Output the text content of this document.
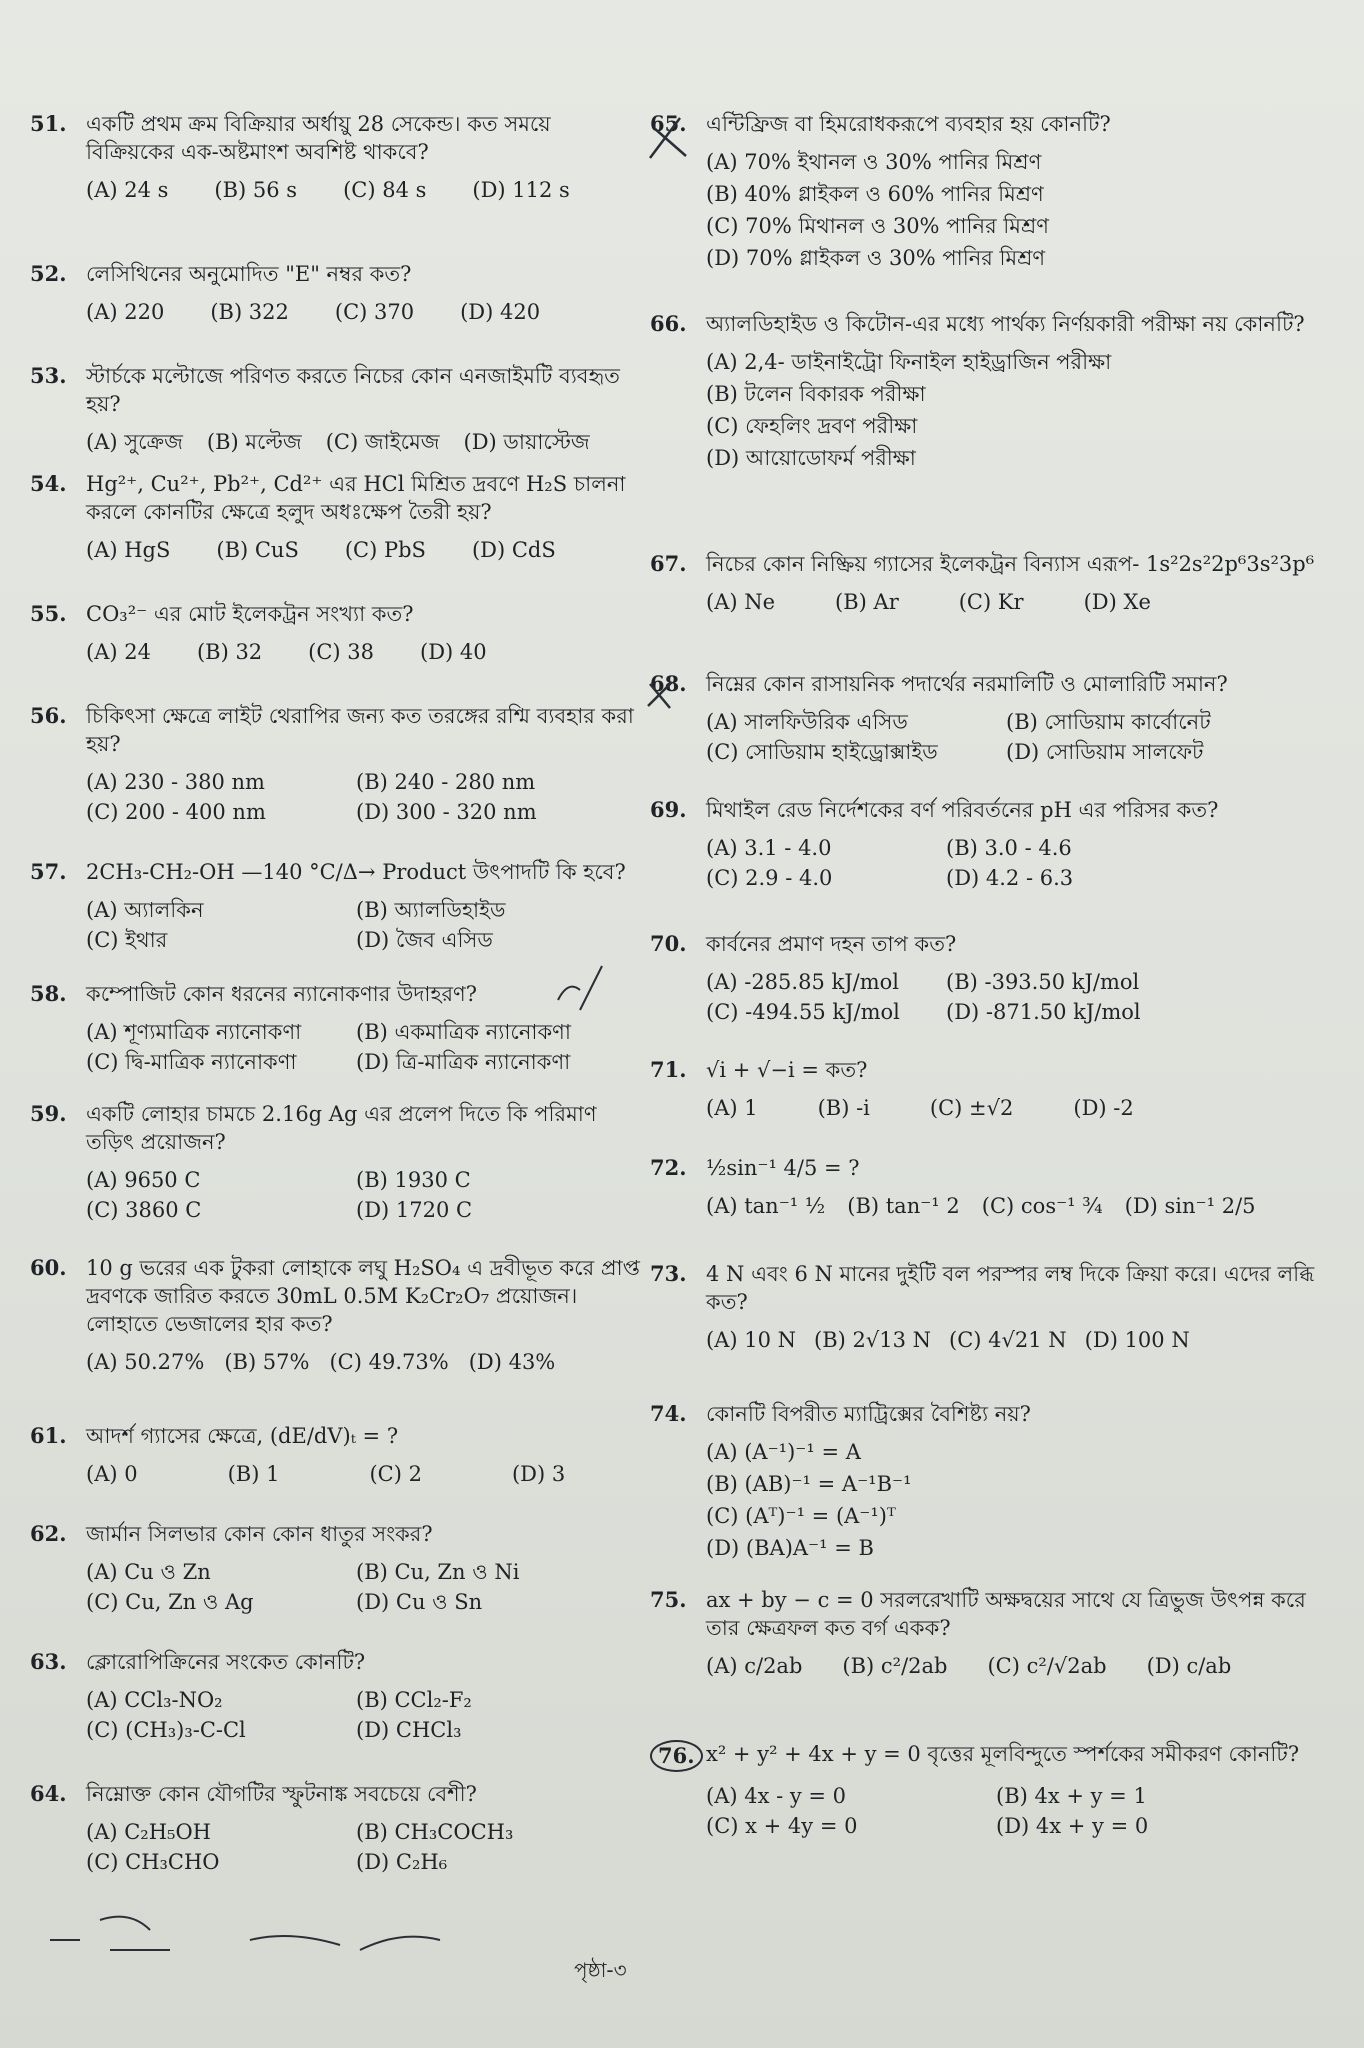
51. একটি প্রথম ক্রম বিক্রিয়ার অর্ধায়ু 28 সেকেন্ড। কত সময়ে বিক্রিয়কের এক-অষ্টমাংশ অবশিষ্ট থাকবে?
(A) 24 s (B) 56 s (C) 84 s (D) 112 s
52. লেসিথিনের অনুমোদিত "E" নম্বর কত?
(A) 220 (B) 322 (C) 370 (D) 420
53. স্টার্চকে মল্টোজে পরিণত করতে নিচের কোন এনজাইমটি ব্যবহৃত হয়?
(A) সুক্রেজ (B) মল্টেজ (C) জাইমেজ (D) ডায়াস্টেজ
54. Hg²⁺, Cu²⁺, Pb²⁺, Cd²⁺ এর HCl মিশ্রিত দ্রবণে H₂S চালনা করলে কোনটির ক্ষেত্রে হলুদ অধঃক্ষেপ তৈরী হয়?
(A) HgS (B) CuS (C) PbS (D) CdS
55. CO₃²⁻ এর মোট ইলেকট্রন সংখ্যা কত?
(A) 24 (B) 32 (C) 38 (D) 40
56. চিকিৎসা ক্ষেত্রে লাইট থেরাপির জন্য কত তরঙ্গের রশ্মি ব্যবহার করা হয়?
(A) 230 - 380 nm	(B) 240 - 280 nm
(C) 200 - 400 nm	(D) 300 - 320 nm
57. 2CH₃-CH₂-OH —140 °C/Δ→ Product উৎপাদটি কি হবে?
(A) অ্যালকিন	(B) অ্যালডিহাইড
(C) ইথার	(D) জৈব এসিড
58. কম্পোজিট কোন ধরনের ন্যানোকণার উদাহরণ?
(A) শূণ্যমাত্রিক ন্যানোকণা	(B) একমাত্রিক ন্যানোকণা
(C) দ্বি-মাত্রিক ন্যানোকণা	(D) ত্রি-মাত্রিক ন্যানোকণা
59. একটি লোহার চামচে 2.16g Ag এর প্রলেপ দিতে কি পরিমাণ তড়িৎ প্রয়োজন?
(A) 9650 C	(B) 1930 C
(C) 3860 C	(D) 1720 C
60. 10 g ভরের এক টুকরা লোহাকে লঘু H₂SO₄ এ দ্রবীভূত করে প্রাপ্ত দ্রবণকে জারিত করতে 30mL 0.5M K₂Cr₂O₇ প্রয়োজন। লোহাতে ভেজালের হার কত?
(A) 50.27% (B) 57% (C) 49.73% (D) 43%
61. আদর্শ গ্যাসের ক্ষেত্রে, (dE/dV)ₜ = ?
(A) 0	(B) 1	(C) 2	(D) 3
62. জার্মান সিলভার কোন কোন ধাতুর সংকর?
(A) Cu ও Zn	(B) Cu, Zn ও Ni
(C) Cu, Zn ও Ag	(D) Cu ও Sn
63. ক্লোরোপিক্রিনের সংকেত কোনটি?
(A) CCl₃-NO₂	(B) CCl₂-F₂
(C) (CH₃)₃-C-Cl	(D) CHCl₃
64. নিম্নোক্ত কোন যৌগটির স্ফুটনাঙ্ক সবচেয়ে বেশী?
(A) C₂H₅OH	(B) CH₃COCH₃
(C) CH₃CHO	(D) C₂H₆
65. এন্টিফ্রিজ বা হিমরোধকরূপে ব্যবহার হয় কোনটি?
(A) 70% ইথানল ও 30% পানির মিশ্রণ
(B) 40% গ্লাইকল ও 60% পানির মিশ্রণ
(C) 70% মিথানল ও 30% পানির মিশ্রণ
(D) 70% গ্লাইকল ও 30% পানির মিশ্রণ
66. অ্যালডিহাইড ও কিটোন-এর মধ্যে পার্থক্য নির্ণয়কারী পরীক্ষা নয় কোনটি?
(A) 2,4- ডাইনাইট্রো ফিনাইল হাইড্রাজিন পরীক্ষা
(B) টলেন বিকারক পরীক্ষা
(C) ফেহলিং দ্রবণ পরীক্ষা
(D) আয়োডোফর্ম পরীক্ষা
67. নিচের কোন নিষ্ক্রিয় গ্যাসের ইলেকট্রন বিন্যাস এরূপ- 1s²2s²2p⁶3s²3p⁶
(A) Ne	(B) Ar	(C) Kr	(D) Xe
68. নিম্নের কোন রাসায়নিক পদার্থের নরমালিটি ও মোলারিটি সমান?
(A) সালফিউরিক এসিড	(B) সোডিয়াম কার্বোনেট
(C) সোডিয়াম হাইড্রোক্সাইড	(D) সোডিয়াম সালফেট
69. মিথাইল রেড নির্দেশকের বর্ণ পরিবর্তনের pH এর পরিসর কত?
(A) 3.1 - 4.0	(B) 3.0 - 4.6
(C) 2.9 - 4.0	(D) 4.2 - 6.3
70. কার্বনের প্রমাণ দহন তাপ কত?
(A) -285.85 kJ/mol	(B) -393.50 kJ/mol
(C) -494.55 kJ/mol	(D) -871.50 kJ/mol
71. √i + √−i = কত?
(A) 1	(B) -i	(C) ±√2	(D) -2
72. ½sin⁻¹ 4/5 = ?
(A) tan⁻¹ ½ (B) tan⁻¹ 2 (C) cos⁻¹ ¾ (D) sin⁻¹ 2/5
73. 4 N এবং 6 N মানের দুইটি বল পরস্পর লম্ব দিকে ক্রিয়া করে। এদের লব্ধি কত?
(A) 10 N (B) 2√13 N (C) 4√21 N (D) 100 N
74. কোনটি বিপরীত ম্যাট্রিক্সের বৈশিষ্ট্য নয়?
(A) (A⁻¹)⁻¹ = A
(B) (AB)⁻¹ = A⁻¹B⁻¹
(C) (Aᵀ)⁻¹ = (A⁻¹)ᵀ
(D) (BA)A⁻¹ = B
75. ax + by − c = 0 সরলরেখাটি অক্ষদ্বয়ের সাথে যে ত্রিভুজ উৎপন্ন করে তার ক্ষেত্রফল কত বর্গ একক?
(A) c/2ab (B) c²/2ab (C) c²/√2ab (D) c/ab
76. x² + y² + 4x + y = 0 বৃত্তের মূলবিন্দুতে স্পর্শকের সমীকরণ কোনটি?
(A) 4x - y = 0	(B) 4x + y = 1
(C) x + 4y = 0	(D) 4x + y = 0
পৃষ্ঠা-৩
